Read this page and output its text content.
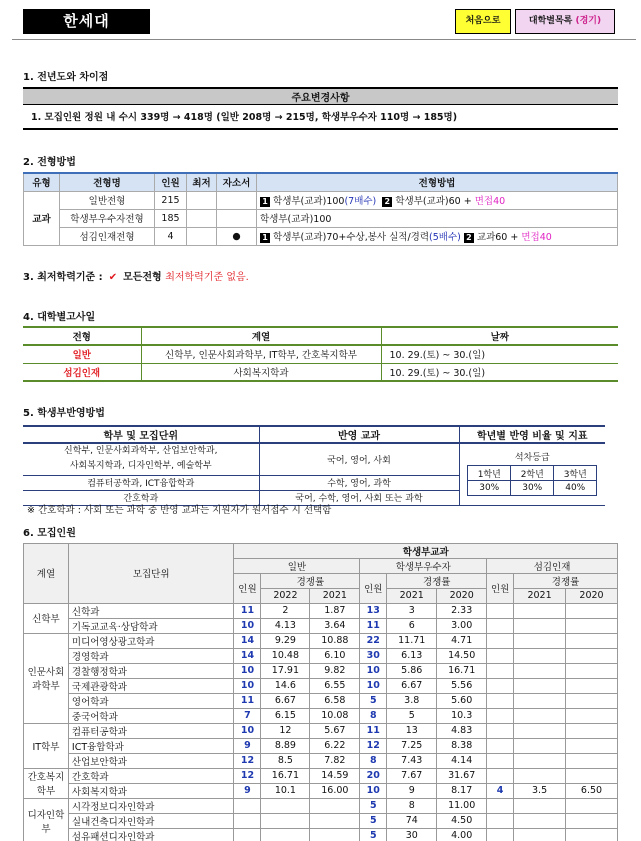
한세대	처음으로	대학별목록 (경기)
1. 전년도와 차이점
주요변경사항
1. 모집인원 정원 내 수시 339명 → 418명 (일반 208명 → 215명, 학생부우수자 110명 → 185명)
2. 전형방법
유형	전형명	인원	최저	자소서	전형방법
교과	일반전형	215			1 학생부(교과)100(7배수) 2 학생부(교과)60 + 면접40
	학생부우수자전형	185			학생부(교과)100
	섬김인재전형	4		●	1 학생부(교과)70+수상,봉사 실적/경력(5배수) 2 교과60 + 면접40
3. 최저학력기준 : ✔ 모든전형 최저학력기준 없음.
4. 대학별고사일
전형	계열	날짜
일반	신학부, 인문사회과학부, IT학부, 간호복지학부	10. 29.(토) ~ 30.(일)
섬김인재	사회복지학과	10. 29.(토) ~ 30.(일)
5. 학생부반영방법
학부 및 모집단위	반영 교과	학년별 반영 비율 및 지표
신학부, 인문사회과학부, 산업보안학과,
사회복지학과, 디자인학부, 예술학부	국어, 영어, 사회	석차등급
1학년	2학년	3학년
30%	30%	40%

컴퓨터공학과, ICT융합학과	수학, 영어, 과학
간호학과	국어, 수학, 영어, 사회 또는 과학
※ 간호학과 : 사회 또는 과학 중 반영 교과는 지원자가 원서접수 시 선택함
6. 모집인원
계열	모집단위	학생부교과								
		일반			학생부우수자			섬김인재		
		인원	경쟁률		인원	경쟁률		인원	경쟁률	
			2022	2021		2021	2020		2021	2020
신학부	신학과	11	2	1.87	13	3	2.33			
	기독교교육·상담학과	10	4.13	3.64	11	6	3.00			
인문사회과학부	미디어영상광고학과	14	9.29	10.88	22	11.71	4.71			
	경영학과	14	10.48	6.10	30	6.13	14.50			
	경찰행정학과	10	17.91	9.82	10	5.86	16.71			
	국제관광학과	10	14.6	6.55	10	6.67	5.56			
	영어학과	11	6.67	6.58	5	3.8	5.60			
	중국어학과	7	6.15	10.08	8	5	10.3			
IT학부	컴퓨터공학과	10	12	5.67	11	13	4.83			
	ICT융합학과	9	8.89	6.22	12	7.25	8.38			
	산업보안학과	12	8.5	7.82	8	7.43	4.14			
간호복지학부	간호학과	12	16.71	14.59	20	7.67	31.67			
	사회복지학과	9	10.1	16.00	10	9	8.17	4	3.5	6.50
디자인학부	시각정보디자인학과				5	8	11.00			
	실내건축디자인학과				5	74	4.50			
	섬유패션디자인학과				5	30	4.00			
